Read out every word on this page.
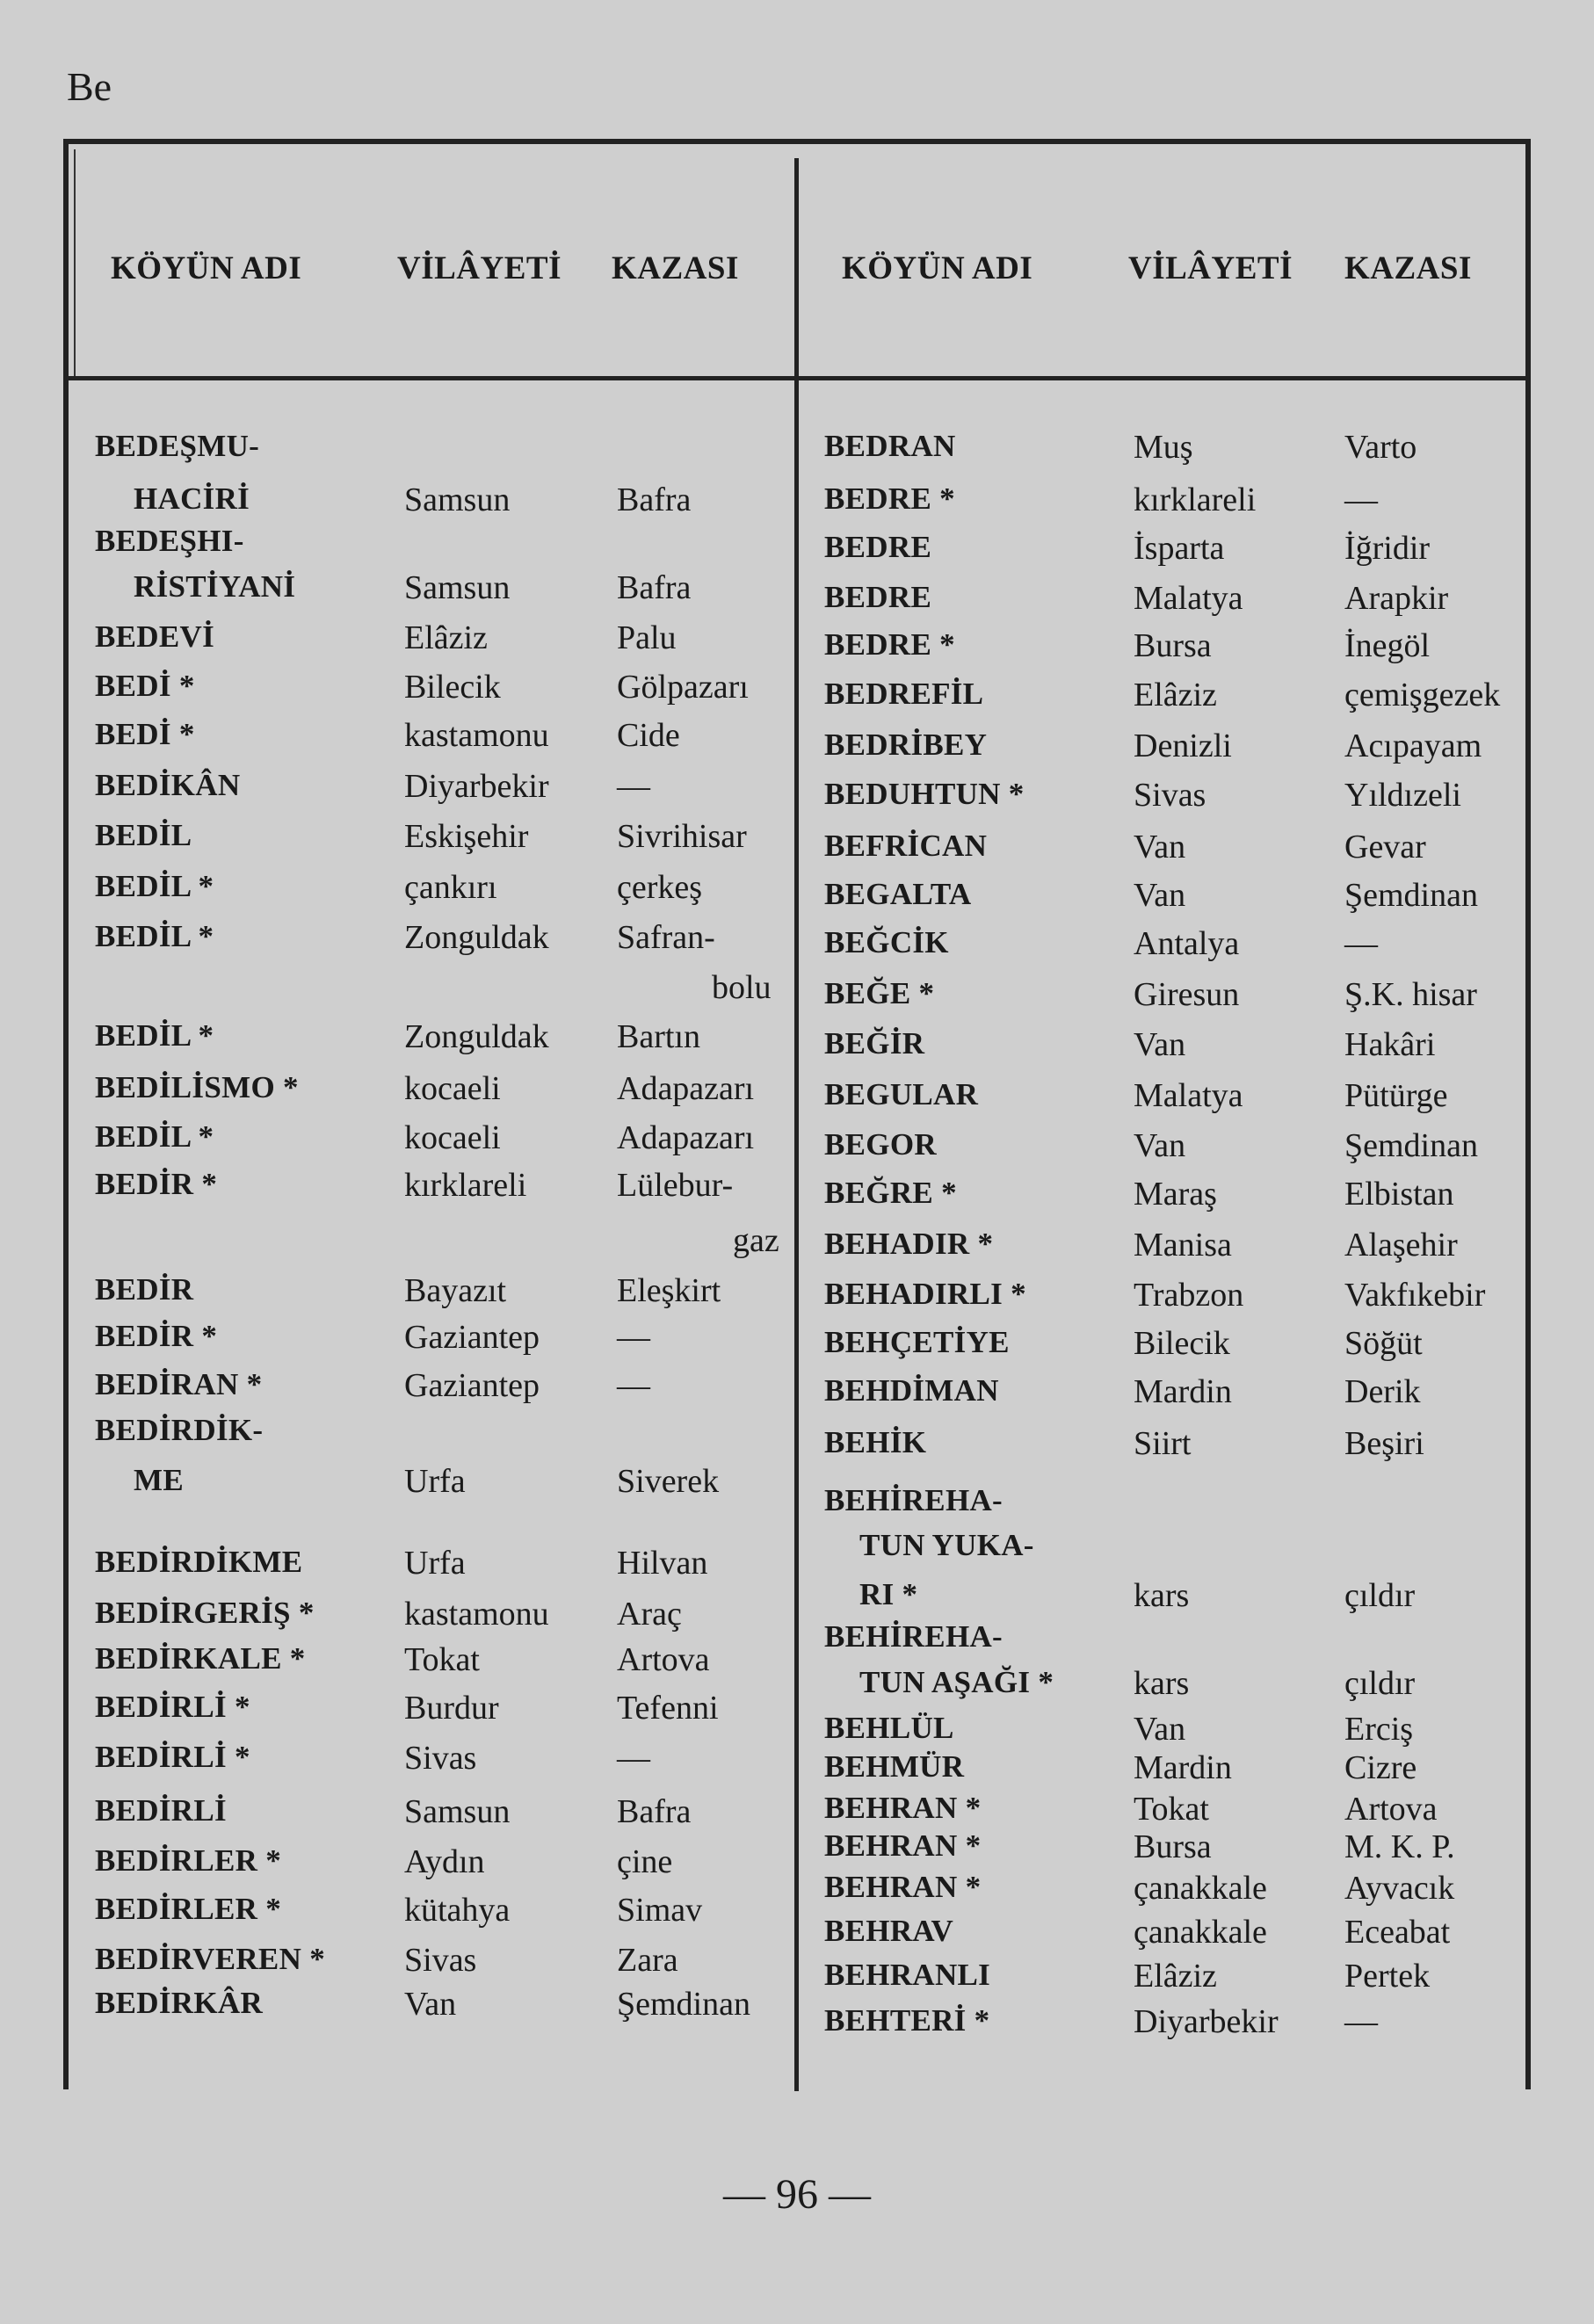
Be
KÖYÜN ADI	VİLÂYETİ KAZASI	KÖYÜN ADI	VİLÂYETİ KAZASI
BEDEŞMU-
HACİRİ	Samsun	Bafra
BEDEŞHI-
RİSTİYANİ	Samsun	Bafra
BEDEVİ	Elâziz	Palu
BEDİ *	Bilecik	Gölpazarı
BEDİ *	kastamonu Cide
BEDİKÂN	Diyarbekir —
BEDİL	Eskişehir	Sivrihisar
BEDİL *	çankırı	çerkeş
BEDİL *	Zonguldak Safran-
bolu
BEDİL *	Zonguldak Bartın
BEDİLİSMO *	kocaeli	Adapazarı
BEDİL *	kocaeli	Adapazarı
BEDİR *	kırklareli	Lülebur-
gaz
BEDİR	Bayazıt	Eleşkirt
BEDİR *	Gaziantep —
BEDİRAN *	Gaziantep —
BEDİRDİK-
ME	Urfa	Siverek
BEDİRDİKME	Urfa	Hilvan
BEDİRGERİŞ *	kastamonu Araç
BEDİRKALE *	Tokat	Artova
BEDİRLİ *	Burdur	Tefenni
BEDİRLİ *	Sivas	—
BEDİRLİ	Samsun	Bafra
BEDİRLER *	Aydın	çine
BEDİRLER *	kütahya	Simav
BEDİRVEREN * Sivas	Zara
BEDİRKÂR	Van	Şemdinan
BEDRAN	Muş	Varto
BEDRE *	kırklareli	—
BEDRE	İsparta	İğridir
BEDRE	Malatya	Arapkir
BEDRE *	Bursa	İnegöl
BEDREFİL	Elâziz	çemişgezek
BEDRİBEY	Denizli	Acıpayam
BEDUHTUN *	Sivas	Yıldızeli
BEFRİCAN	Van	Gevar
BEGALTA	Van	Şemdinan
BEĞCİK	Antalya	—
BEĞE *	Giresun	Ş.K. hisar
BEĞİR	Van	Hakâri
BEGULAR	Malatya	Pütürge
BEGOR	Van	Şemdinan
BEĞRE *	Maraş	Elbistan
BEHADIR *	Manisa	Alaşehir
BEHADIRLI *	Trabzon	Vakfıkebir
BEHÇETİYE	Bilecik	Söğüt
BEHDİMAN	Mardin	Derik
BEHİK	Siirt	Beşiri
BEHİREHA-
TUN YUKA-
RI *	kars	çıldır
BEHİREHA-
TUN AŞAĞI * kars	çıldır
BEHLÜL	Van	Erciş
BEHMÜR	Mardin	Cizre
BEHRAN *	Tokat	Artova
BEHRAN *	Bursa	M. K. P.
BEHRAN *	çanakkale Ayvacık
BEHRAV	çanakkale Eceabat
BEHRANLI	Elâziz	Pertek
BEHTERİ *	Diyarbekir —
— 96 —
